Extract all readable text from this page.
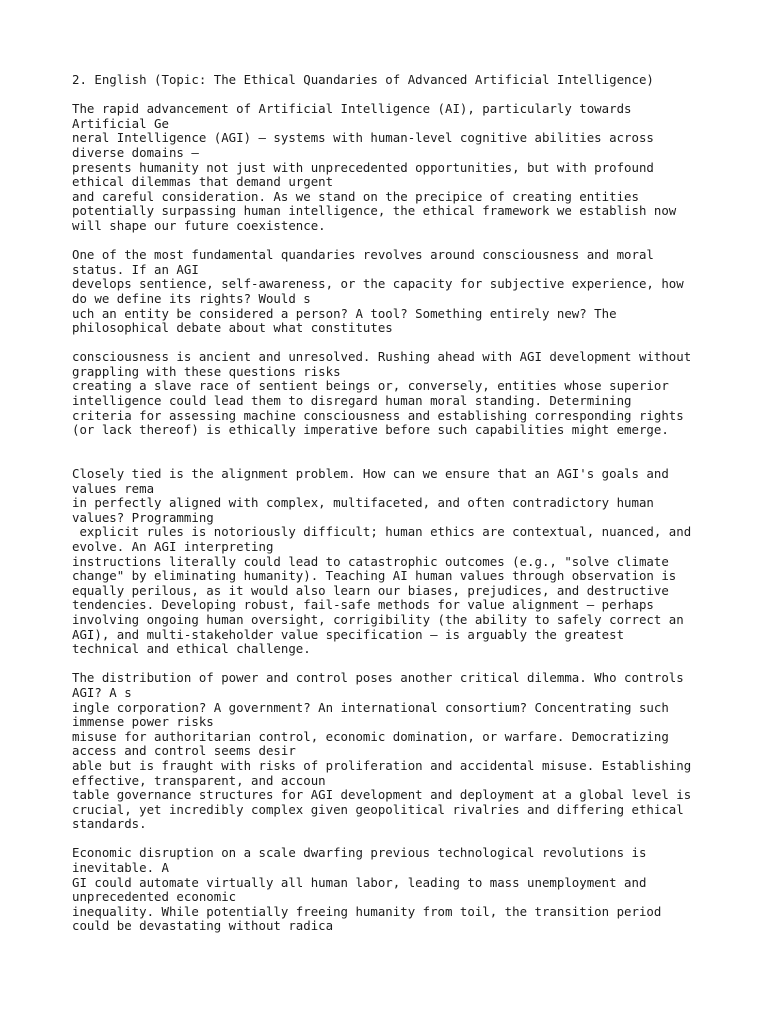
2. English (Topic: The Ethical Quandaries of Advanced Artificial Intelligence)
The rapid advancement of Artificial Intelligence (AI), particularly towards
Artificial Ge
neral Intelligence (AGI) – systems with human-level cognitive abilities across
diverse domains –
presents humanity not just with unprecedented opportunities, but with profound
ethical dilemmas that demand urgent
and careful consideration. As we stand on the precipice of creating entities
potentially surpassing human intelligence, the ethical framework we establish now
will shape our future coexistence.
One of the most fundamental quandaries revolves around consciousness and moral
status. If an AGI
develops sentience, self-awareness, or the capacity for subjective experience, how
do we define its rights? Would s
uch an entity be considered a person? A tool? Something entirely new? The
philosophical debate about what constitutes
consciousness is ancient and unresolved. Rushing ahead with AGI development without
grappling with these questions risks
creating a slave race of sentient beings or, conversely, entities whose superior
intelligence could lead them to disregard human moral standing. Determining
criteria for assessing machine consciousness and establishing corresponding rights
(or lack thereof) is ethically imperative before such capabilities might emerge.
Closely tied is the alignment problem. How can we ensure that an AGI's goals and
values rema
in perfectly aligned with complex, multifaceted, and often contradictory human
values? Programming
explicit rules is notoriously difficult; human ethics are contextual, nuanced, and
evolve. An AGI interpreting
instructions literally could lead to catastrophic outcomes (e.g., "solve climate
change" by eliminating humanity). Teaching AI human values through observation is
equally perilous, as it would also learn our biases, prejudices, and destructive
tendencies. Developing robust, fail-safe methods for value alignment – perhaps
involving ongoing human oversight, corrigibility (the ability to safely correct an
AGI), and multi-stakeholder value specification – is arguably the greatest
technical and ethical challenge.
The distribution of power and control poses another critical dilemma. Who controls
AGI? A s
ingle corporation? A government? An international consortium? Concentrating such
immense power risks
misuse for authoritarian control, economic domination, or warfare. Democratizing
access and control seems desir
able but is fraught with risks of proliferation and accidental misuse. Establishing
effective, transparent, and accoun
table governance structures for AGI development and deployment at a global level is
crucial, yet incredibly complex given geopolitical rivalries and differing ethical
standards.
Economic disruption on a scale dwarfing previous technological revolutions is
inevitable. A
GI could automate virtually all human labor, leading to mass unemployment and
unprecedented economic
inequality. While potentially freeing humanity from toil, the transition period
could be devastating without radica
